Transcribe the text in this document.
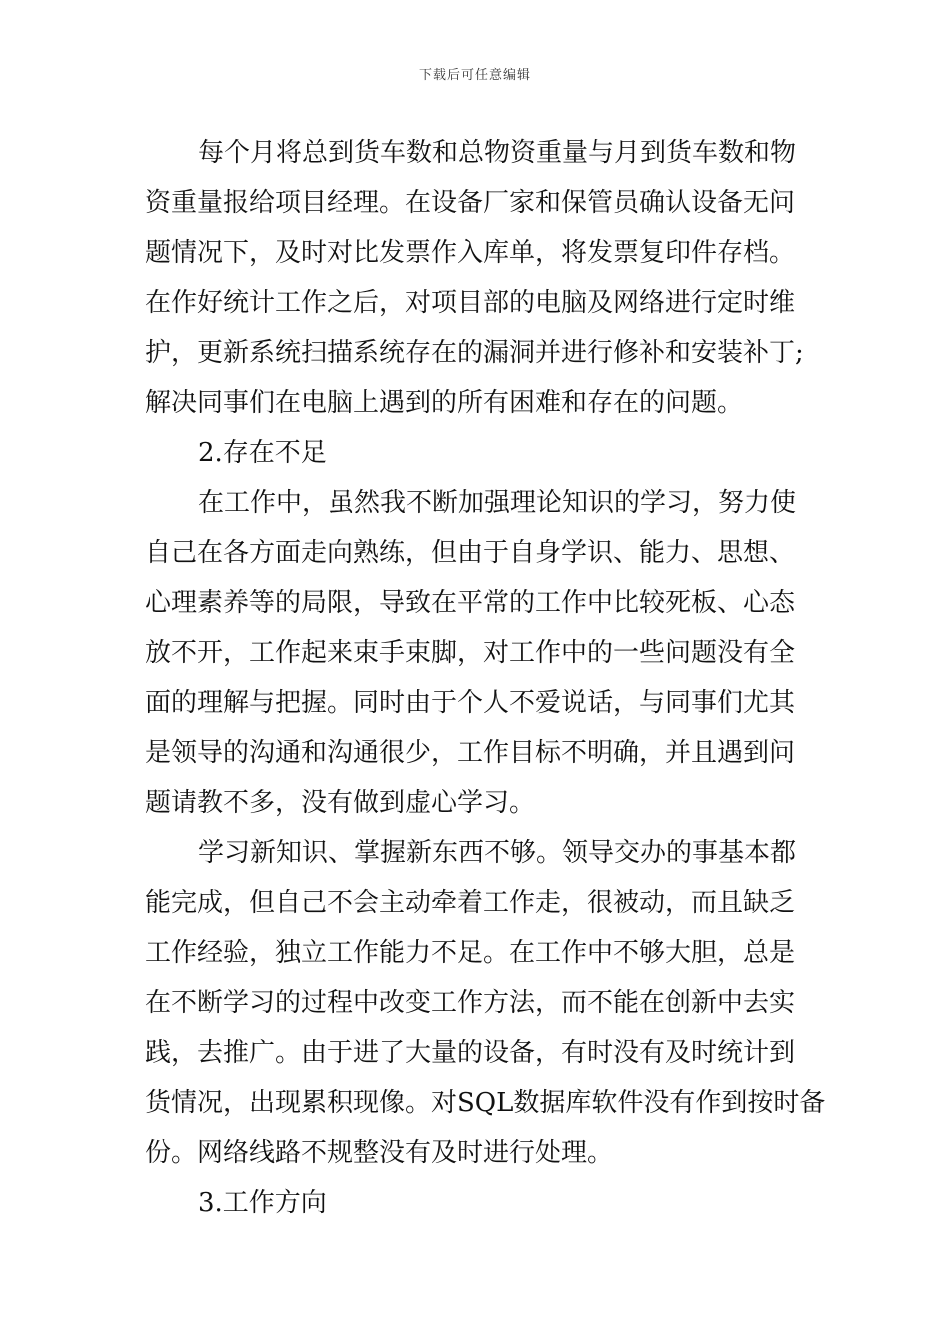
下载后可任意编辑
每个月将总到货车数和总物资重量与月到货车数和物
资重量报给项目经理。在设备厂家和保管员确认设备无问
题情况下，及时对比发票作入库单，将发票复印件存档。
在作好统计工作之后，对项目部的电脑及网络进行定时维
护，更新系统扫描系统存在的漏洞并进行修补和安装补丁;
解决同事们在电脑上遇到的所有困难和存在的问题。
2.存在不足
在工作中，虽然我不断加强理论知识的学习，努力使
自己在各方面走向熟练，但由于自身学识、能力、思想、
心理素养等的局限，导致在平常的工作中比较死板、心态
放不开，工作起来束手束脚，对工作中的一些问题没有全
面的理解与把握。同时由于个人不爱说话，与同事们尤其
是领导的沟通和沟通很少，工作目标不明确，并且遇到问
题请教不多，没有做到虚心学习。
学习新知识、掌握新东西不够。领导交办的事基本都
能完成，但自己不会主动牵着工作走，很被动，而且缺乏
工作经验，独立工作能力不足。在工作中不够大胆，总是
在不断学习的过程中改变工作方法，而不能在创新中去实
践，去推广。由于进了大量的设备，有时没有及时统计到
货情况，出现累积现像。对SQL数据库软件没有作到按时备
份。网络线路不规整没有及时进行处理。
3.工作方向
